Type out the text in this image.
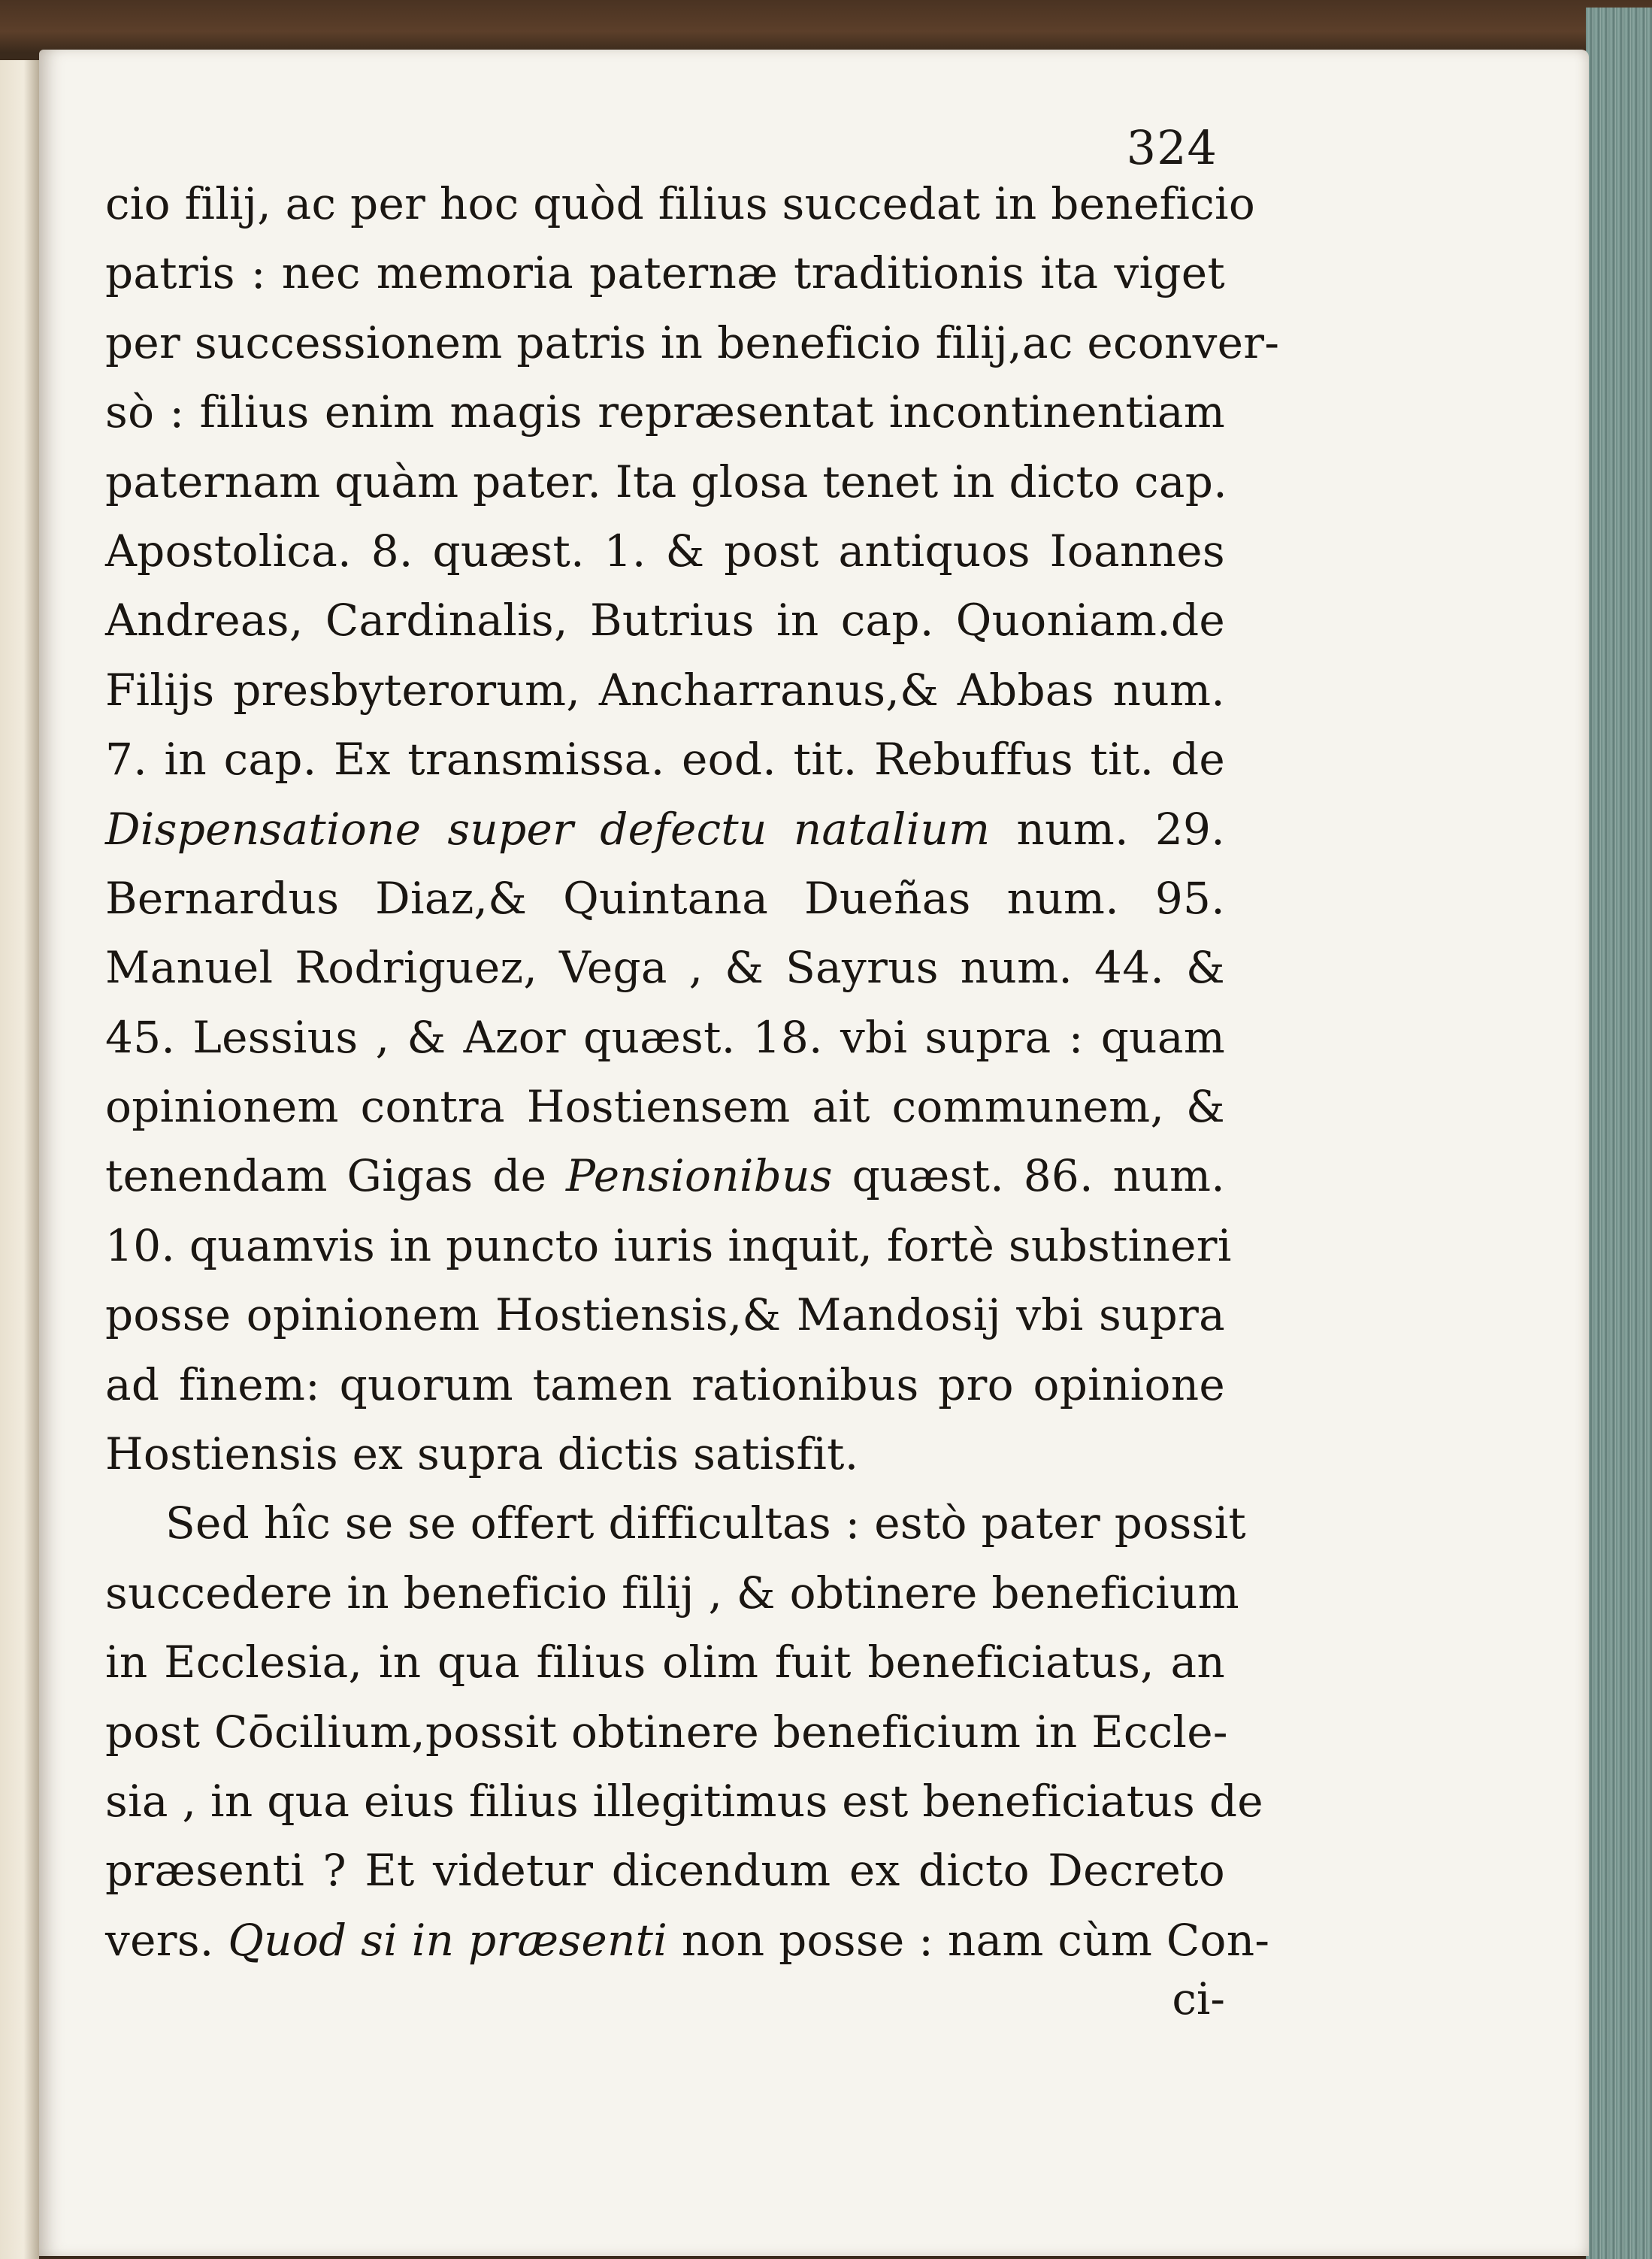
324
cio filij, ac per hoc quòd filius succedat in beneficio
patris : nec memoria paternæ traditionis ita viget
per successionem patris in beneficio filij,ac econver-
sò : filius enim magis repræsentat incontinentiam
paternam quàm pater. Ita glosa tenet in dicto cap.
Apostolica. 8. quæst. 1. & post antiquos Ioannes
Andreas, Cardinalis, Butrius in cap. Quoniam.de
Filijs presbyterorum, Ancharranus,& Abbas num.
7. in cap. Ex transmissa. eod. tit. Rebuffus tit. de
Dispensatione super defectu natalium num. 29.
Bernardus Diaz,& Quintana Dueñas num. 95.
Manuel Rodriguez, Vega , & Sayrus num. 44. &
45. Lessius , & Azor quæst. 18. vbi supra : quam
opinionem contra Hostiensem ait communem, &
tenendam Gigas de Pensionibus quæst. 86. num.
10. quamvis in puncto iuris inquit, fortè substineri
posse opinionem Hostiensis,& Mandosij vbi supra
ad finem: quorum tamen rationibus pro opinione
Hostiensis ex supra dictis satisfit.
Sed hîc se se offert difficultas : estò pater possit
succedere in beneficio filij , & obtinere beneficium
in Ecclesia, in qua filius olim fuit beneficiatus, an
post Cōcilium,possit obtinere beneficium in Eccle-
sia , in qua eius filius illegitimus est beneficiatus de
præsenti ? Et videtur dicendum ex dicto Decreto
vers. Quod si in præsenti non posse : nam cùm Con-
ci-
